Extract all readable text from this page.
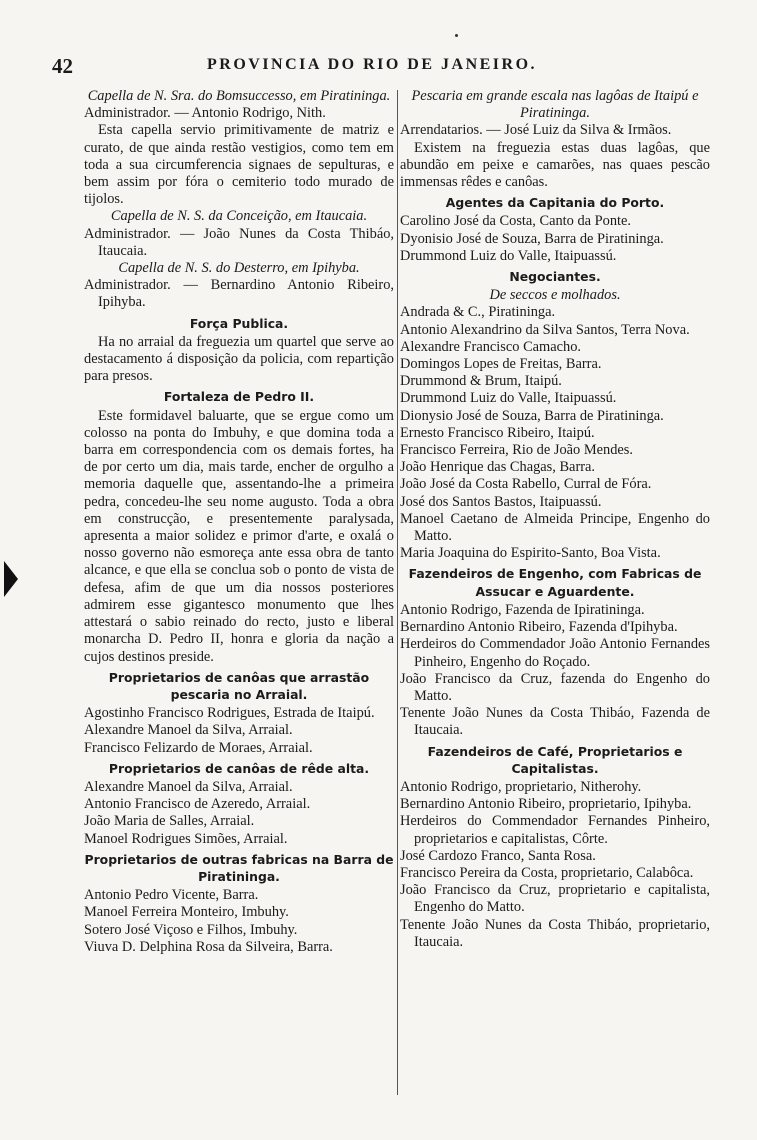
42	PROVINCIA DO RIO DE JANEIRO.

Capella de N. Sra. do Bomsuccesso, em Piratininga.

Administrador. — Antonio Rodrigo, Nith.

Esta capella servio primitivamente de matriz e curato, de que ainda restão vestigios, como tem em toda a sua circumferencia signaes de sepulturas, e bem assim por fóra o cemiterio todo murado de tijolos.

Capella de N. S. da Conceição, em Itaucaia.

Administrador. — João Nunes da Costa Thibáo, Itaucaia.

Capella de N. S. do Desterro, em Ipihyba.

Administrador. — Bernardino Antonio Ribeiro, Ipihyba.

Força Publica.

Ha no arraial da freguezia um quartel que serve ao destacamento á disposição da policia, com repartição para presos.

Fortaleza de Pedro II.

Este formidavel baluarte, que se ergue como um colosso na ponta do Imbuhy, e que domina toda a barra em correspondencia com os demais fortes, ha de por certo um dia, mais tarde, encher de orgulho a memoria daquelle que, assentando-lhe a primeira pedra, concedeu-lhe seu nome augusto. Toda a obra em construcção, e presentemente paralysada, apresenta a maior solidez e primor d'arte, e oxalá o nosso governo não esmoreça ante essa obra de tanto alcance, e que ella se conclua sob o ponto de vista de defesa, afim de que um dia nossos posteriores admirem esse gigantesco monumento que lhes attestará o sabio reinado do recto, justo e liberal monarcha D. Pedro II, honra e gloria da nação a cujos destinos preside.

Proprietarios de canôas que arrastão pescaria no Arraial.

Agostinho Francisco Rodrigues, Estrada de Itaipú.

Alexandre Manoel da Silva, Arraial.

Francisco Felizardo de Moraes, Arraial.

Proprietarios de canôas de rêde alta.

Alexandre Manoel da Silva, Arraial.

Antonio Francisco de Azeredo, Arraial.

João Maria de Salles, Arraial.

Manoel Rodrigues Simões, Arraial.

Proprietarios de outras fabricas na Barra de Piratininga.

Antonio Pedro Vicente, Barra.

Manoel Ferreira Monteiro, Imbuhy.

Sotero José Viçoso e Filhos, Imbuhy.

Viuva D. Delphina Rosa da Silveira, Barra.

Pescaria em grande escala nas lagôas de Itaipú e Piratininga.

Arrendatarios. — José Luiz da Silva & Irmãos.

Existem na freguezia estas duas lagôas, que abundão em peixe e camarões, nas quaes pescão immensas rêdes e canôas.

Agentes da Capitania do Porto.

Carolino José da Costa, Canto da Ponte.

Dyonisio José de Souza, Barra de Piratininga.

Drummond Luiz do Valle, Itaipuassú.

Negociantes.

De seccos e molhados.

Andrada & C., Piratininga.

Antonio Alexandrino da Silva Santos, Terra Nova.

Alexandre Francisco Camacho.

Domingos Lopes de Freitas, Barra.

Drummond & Brum, Itaipú.

Drummond Luiz do Valle, Itaipuassú.

Dionysio José de Souza, Barra de Piratininga.

Ernesto Francisco Ribeiro, Itaipú.

Francisco Ferreira, Rio de João Mendes.

João Henrique das Chagas, Barra.

João José da Costa Rabello, Curral de Fóra.

José dos Santos Bastos, Itaipuassú.

Manoel Caetano de Almeida Principe, Engenho do Matto.

Maria Joaquina do Espirito-Santo, Boa Vista.

Fazendeiros de Engenho, com Fabricas de Assucar e Aguardente.

Antonio Rodrigo, Fazenda de Ipiratininga.

Bernardino Antonio Ribeiro, Fazenda d'Ipihyba.

Herdeiros do Commendador João Antonio Fernandes Pinheiro, Engenho do Roçado.

João Francisco da Cruz, fazenda do Engenho do Matto.

Tenente João Nunes da Costa Thibáo, Fazenda de Itaucaia.

Fazendeiros de Café, Proprietarios e Capitalistas.

Antonio Rodrigo, proprietario, Nitherohy.

Bernardino Antonio Ribeiro, proprietario, Ipihyba.

Herdeiros do Commendador Fernandes Pinheiro, proprietarios e capitalistas, Côrte.

José Cardozo Franco, Santa Rosa.

Francisco Pereira da Costa, proprietario, Calabôca.

João Francisco da Cruz, proprietario e capitalista, Engenho do Matto.

Tenente João Nunes da Costa Thibáo, proprietario, Itaucaia.
